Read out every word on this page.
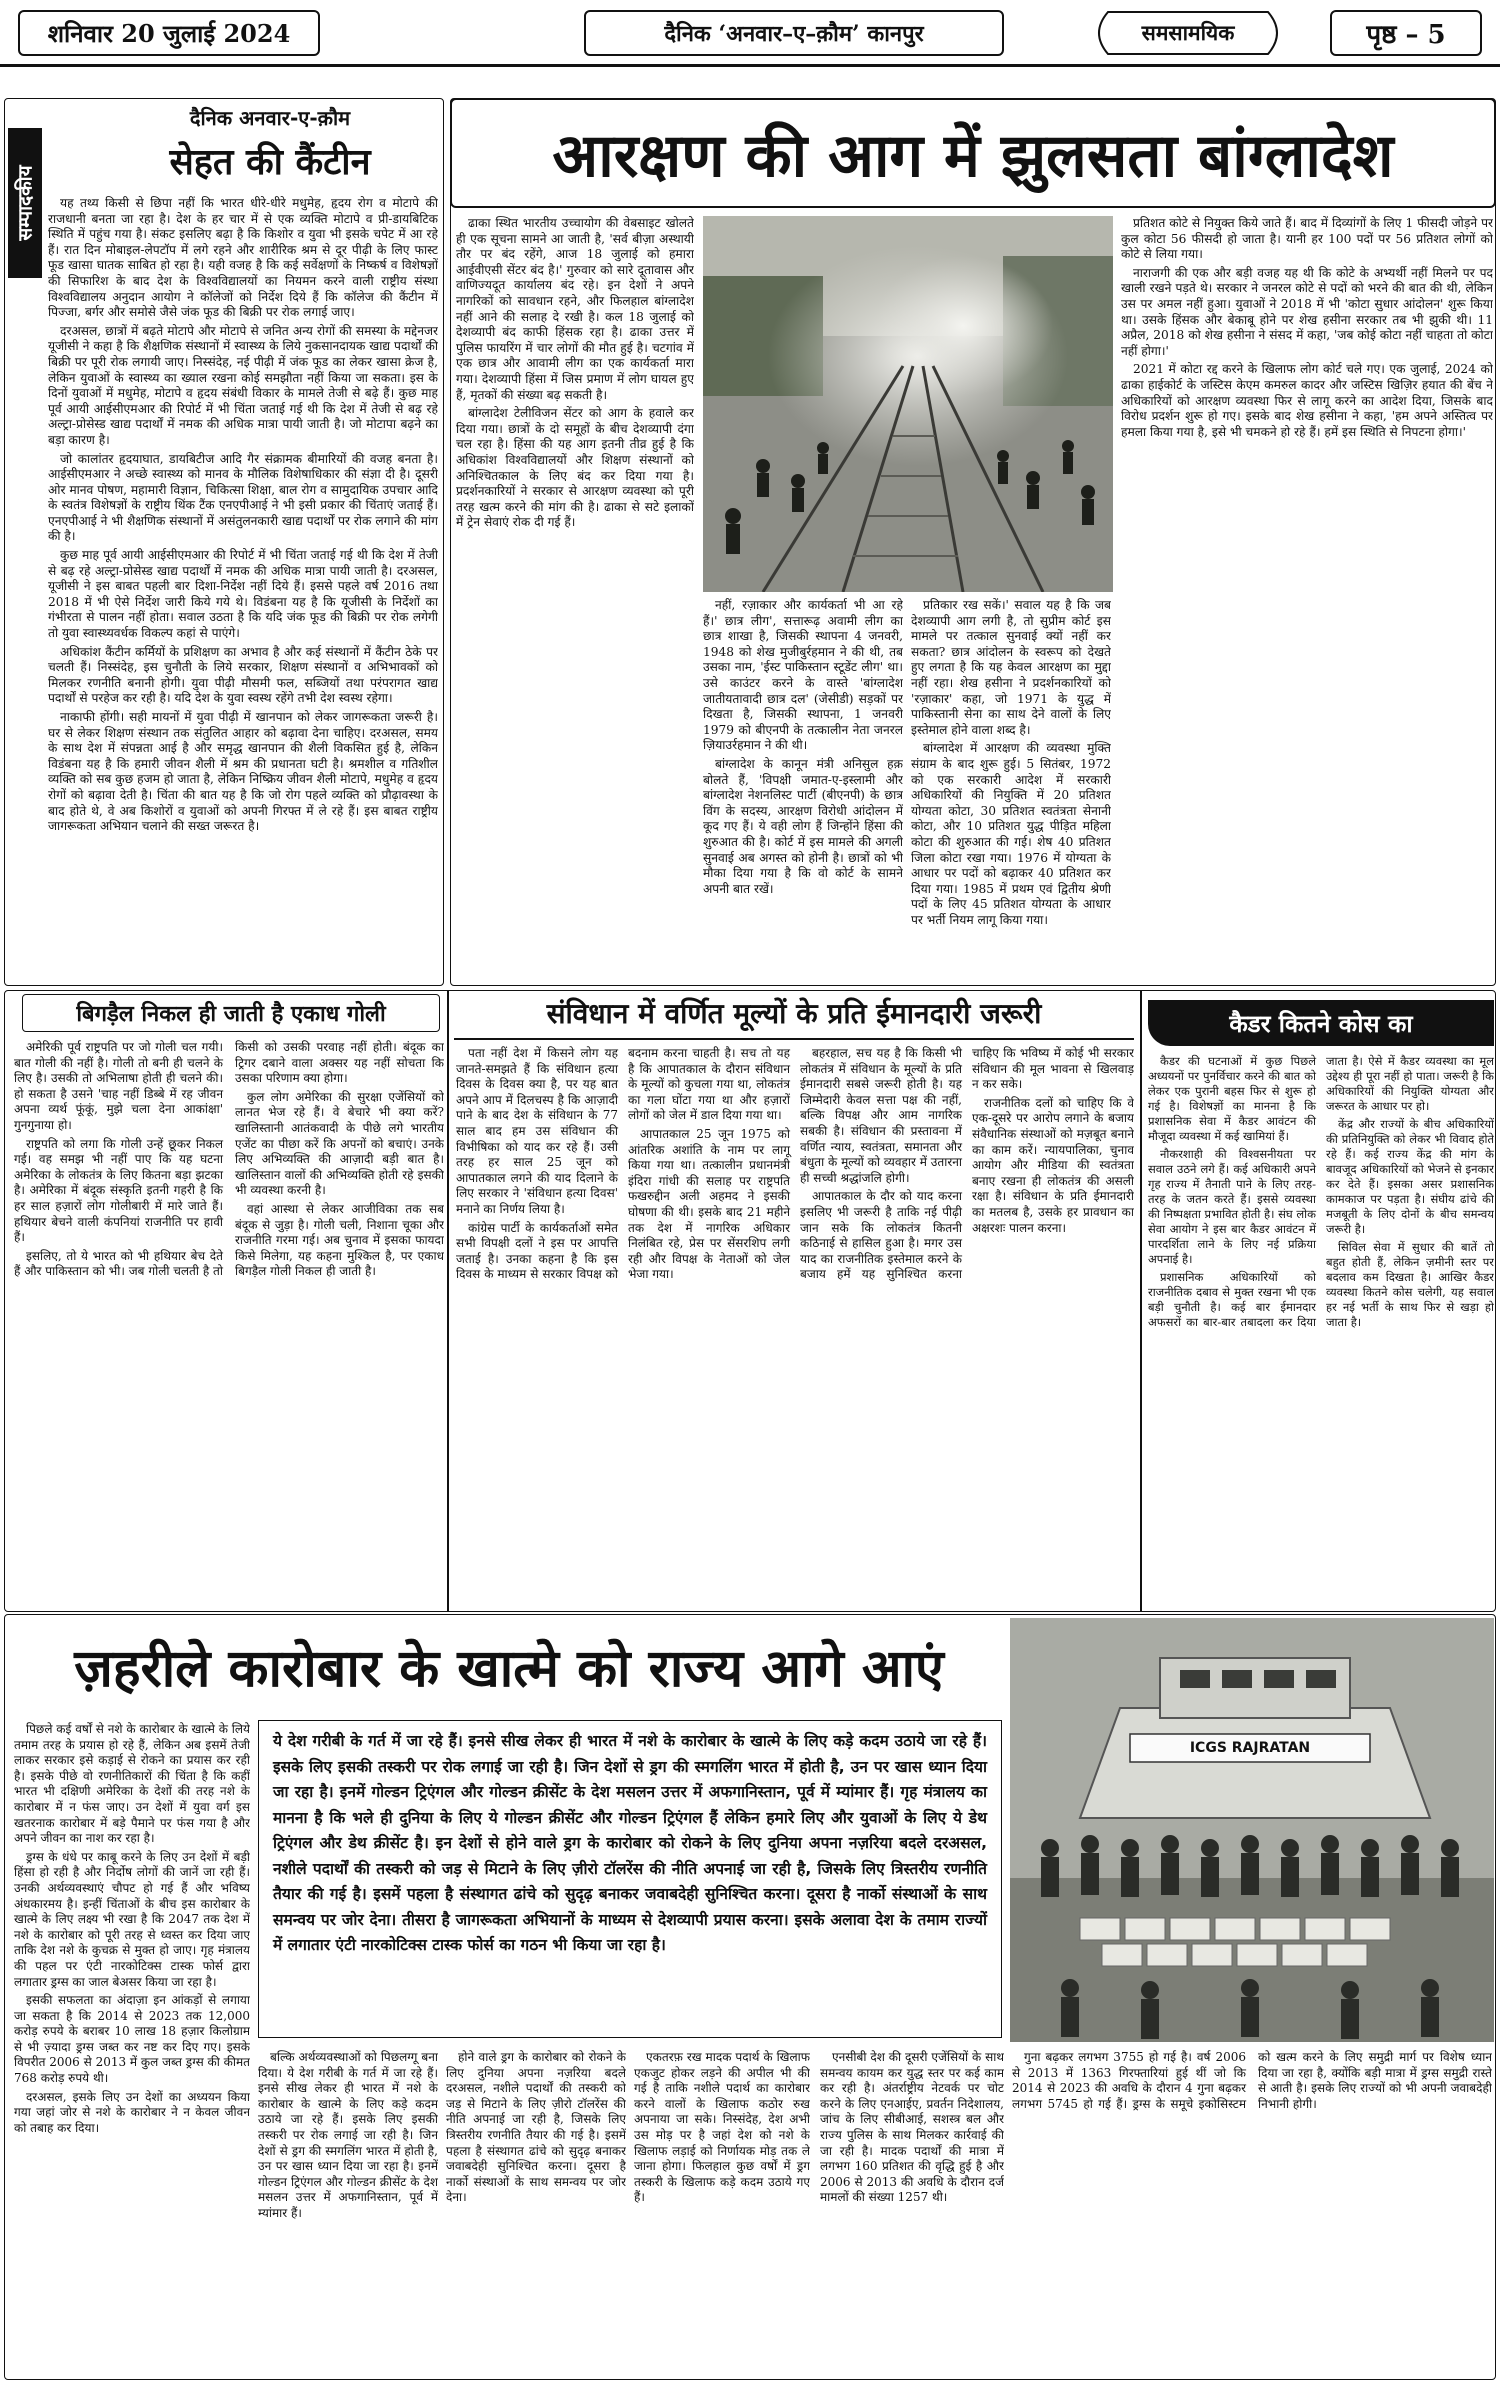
शनिवार 20 जुलाई 2024	दैनिक ‘अनवार–ए–क़ौम’ कानपुर	समसामयिक	पृष्ठ – 5
सम्पादकीय
दैनिक अनवार-ए-क़ौम
सेहत की कैंटीन

यह तथ्य किसी से छिपा नहीं कि भारत धीरे-धीरे मधुमेह, हृदय रोग व मोटापे की राजधानी बनता जा रहा है। देश के हर चार में से एक व्यक्ति मोटापे व प्री-डायबिटिक स्थिति में पहुंच गया है। संकट इसलिए बढ़ा है कि किशोर व युवा भी इसके चपेट में आ रहे हैं। रात दिन मोबाइल-लेपटॉप में लगे रहने और शारीरिक श्रम से दूर पीढ़ी के लिए फास्ट फूड खासा घातक साबित हो रहा है। यही वजह है कि कई सर्वेक्षणों के निष्कर्ष व विशेषज्ञों की सिफारिश के बाद देश के विश्वविद्यालयों का नियमन करने वाली राष्ट्रीय संस्था विश्वविद्यालय अनुदान आयोग ने कॉलेजों को निर्देश दिये हैं कि कॉलेज की कैंटीन में पिज्जा, बर्गर और समोसे जैसे जंक फूड की बिक्री पर रोक लगाई जाए।

दरअसल, छात्रों में बढ़ते मोटापे और मोटापे से जनित अन्य रोगों की समस्या के मद्देनजर यूजीसी ने कहा है कि शैक्षणिक संस्थानों में स्वास्थ्य के लिये नुकसानदायक खाद्य पदार्थों की बिक्री पर पूरी रोक लगायी जाए। निस्संदेह, नई पीढ़ी में जंक फूड का लेकर खासा क्रेज है, लेकिन युवाओं के स्वास्थ्य का ख्याल रखना कोई समझौता नहीं किया जा सकता। इस के दिनों युवाओं में मधुमेह, मोटापे व हृदय संबंधी विकार के मामले तेजी से बढ़े हैं। कुछ माह पूर्व आयी आईसीएमआर की रिपोर्ट में भी चिंता जताई गई थी कि देश में तेजी से बढ़ रहे अल्ट्रा-प्रोसेस्ड खाद्य पदार्थों में नमक की अधिक मात्रा पायी जाती है। जो मोटापा बढ़ने का बड़ा कारण है।

जो कालांतर हृदयाघात, डायबिटीज आदि गैर संक्रामक बीमारियों की वजह बनता है। आईसीएमआर ने अच्छे स्वास्थ्य को मानव के मौलिक विशेषाधिकार की संज्ञा दी है। दूसरी ओर मानव पोषण, महामारी विज्ञान, चिकित्सा शिक्षा, बाल रोग व सामुदायिक उपचार आदि के स्वतंत्र विशेषज्ञों के राष्ट्रीय थिंक टैंक एनएपीआई ने भी इसी प्रकार की चिंताएं जताई हैं। एनएपीआई ने भी शैक्षणिक संस्थानों में असंतुलनकारी खाद्य पदार्थों पर रोक लगाने की मांग की है।

कुछ माह पूर्व आयी आईसीएमआर की रिपोर्ट में भी चिंता जताई गई थी कि देश में तेजी से बढ़ रहे अल्ट्रा-प्रोसेस्ड खाद्य पदार्थों में नमक की अधिक मात्रा पायी जाती है। दरअसल, यूजीसी ने इस बाबत पहली बार दिशा-निर्देश नहीं दिये हैं। इससे पहले वर्ष 2016 तथा 2018 में भी ऐसे निर्देश जारी किये गये थे। विडंबना यह है कि यूजीसी के निर्देशों का गंभीरता से पालन नहीं होता। सवाल उठता है कि यदि जंक फूड की बिक्री पर रोक लगेगी तो युवा स्वास्थ्यवर्धक विकल्प कहां से पाएंगे।

अधिकांश कैंटीन कर्मियों के प्रशिक्षण का अभाव है और कई संस्थानों में कैंटीन ठेके पर चलती हैं। निस्संदेह, इस चुनौती के लिये सरकार, शिक्षण संस्थानों व अभिभावकों को मिलकर रणनीति बनानी होगी। युवा पीढ़ी मौसमी फल, सब्जियों तथा परंपरागत खाद्य पदार्थों से परहेज कर रही है। यदि देश के युवा स्वस्थ रहेंगे तभी देश स्वस्थ रहेगा।

नाकाफी होंगी। सही मायनों में युवा पीढ़ी में खानपान को लेकर जागरूकता जरूरी है। घर से लेकर शिक्षण संस्थान तक संतुलित आहार को बढ़ावा देना चाहिए। दरअसल, समय के साथ देश में संपन्नता आई है और समृद्ध खानपान की शैली विकसित हुई है, लेकिन विडंबना यह है कि हमारी जीवन शैली में श्रम की प्रधानता घटी है। श्रमशील व गतिशील व्यक्ति को सब कुछ हजम हो जाता है, लेकिन निष्क्रिय जीवन शैली मोटापे, मधुमेह व हृदय रोगों को बढ़ावा देती है। चिंता की बात यह है कि जो रोग पहले व्यक्ति को प्रौढ़ावस्था के बाद होते थे, वे अब किशोरों व युवाओं को अपनी गिरफ्त में ले रहे हैं। इस बाबत राष्ट्रीय जागरूकता अभियान चलाने की सख्त जरूरत है।

आरक्षण की आग में झुलसता बांग्लादेश

ढाका स्थित भारतीय उच्चायोग की वेबसाइट खोलते ही एक सूचना सामने आ जाती है, 'सर्व बीज़ा अस्थायी तौर पर बंद रहेंगे, आज 18 जुलाई को हमारा आईवीएसी सेंटर बंद है।' गुरुवार को सारे दूतावास और वाणिज्यदूत कार्यालय बंद रहे। इन देशों ने अपने नागरिकों को सावधान रहने, और फिलहाल बांग्लादेश नहीं आने की सलाह दे रखी है। कल 18 जुलाई को देशव्यापी बंद काफी हिंसक रहा है। ढाका उत्तर में पुलिस फायरिंग में चार लोगों की मौत हुई है। चटगांव में एक छात्र और आवामी लीग का एक कार्यकर्ता मारा गया। देशव्यापी हिंसा में जिस प्रमाण में लोग घायल हुए हैं, मृतकों की संख्या बढ़ सकती है।

बांग्लादेश टेलीविजन सेंटर को आग के हवाले कर दिया गया। छात्रों के दो समूहों के बीच देशव्यापी दंगा चल रहा है। हिंसा की यह आग इतनी तीव्र हुई है कि अधिकांश विश्वविद्यालयों और शिक्षण संस्थानों को अनिश्चितकाल के लिए बंद कर दिया गया है। प्रदर्शनकारियों ने सरकार से आरक्षण व्यवस्था को पूरी तरह खत्म करने की मांग की है। ढाका से सटे इलाकों में ट्रेन सेवाएं रोक दी गई हैं।

नहीं, रज़ाकार और कार्यकर्ता भी आ रहे हैं।' छात्र लीग', सत्तारूढ़ अवामी लीग का छात्र शाखा है, जिसकी स्थापना 4 जनवरी, 1948 को शेख मुजीबुर्रहमान ने की थी, तब उसका नाम, 'ईस्ट पाकिस्तान स्टूडेंट लीग' था। उसे काउंटर करने के वास्ते 'बांग्लादेश जातीयतावादी छात्र दल' (जेसीडी) सड़कों पर दिखता है, जिसकी स्थापना, 1 जनवरी 1979 को बीएनपी के तत्कालीन नेता जनरल ज़ियाउर्रहमान ने की थी।

बांग्लादेश के कानून मंत्री अनिसुल हक़ बोलते हैं, 'विपक्षी जमात-ए-इस्लामी और बांग्लादेश नेशनलिस्ट पार्टी (बीएनपी) के छात्र विंग के सदस्य, आरक्षण विरोधी आंदोलन में कूद गए हैं। ये वही लोग हैं जिन्होंने हिंसा की शुरुआत की है। कोर्ट में इस मामले की अगली सुनवाई अब अगस्त को होनी है। छात्रों को भी मौका दिया गया है कि वो कोर्ट के सामने अपनी बात रखें।

प्रतिकार रख सकें।' सवाल यह है कि जब देशव्यापी आग लगी है, तो सुप्रीम कोर्ट इस मामले पर तत्काल सुनवाई क्यों नहीं कर सकता? छात्र आंदोलन के स्वरूप को देखते हुए लगता है कि यह केवल आरक्षण का मुद्दा नहीं रहा। शेख हसीना ने प्रदर्शनकारियों को 'रज़ाकार' कहा, जो 1971 के युद्ध में पाकिस्तानी सेना का साथ देने वालों के लिए इस्तेमाल होने वाला शब्द है।

बांग्लादेश में आरक्षण की व्यवस्था मुक्ति संग्राम के बाद शुरू हुई। 5 सितंबर, 1972 को एक सरकारी आदेश में सरकारी अधिकारियों की नियुक्ति में 20 प्रतिशत योग्यता कोटा, 30 प्रतिशत स्वतंत्रता सेनानी कोटा, और 10 प्रतिशत युद्ध पीड़ित महिला कोटा की शुरुआत की गई। शेष 40 प्रतिशत जिला कोटा रखा गया। 1976 में योग्यता के आधार पर पदों को बढ़ाकर 40 प्रतिशत कर दिया गया। 1985 में प्रथम एवं द्वितीय श्रेणी पदों के लिए 45 प्रतिशत योग्यता के आधार पर भर्ती नियम लागू किया गया।

प्रतिशत कोटे से नियुक्त किये जाते हैं। बाद में दिव्यांगों के लिए 1 फीसदी जोड़ने पर कुल कोटा 56 फीसदी हो जाता है। यानी हर 100 पदों पर 56 प्रतिशत लोगों को कोटे से लिया गया।

नाराजगी की एक और बड़ी वजह यह थी कि कोटे के अभ्यर्थी नहीं मिलने पर पद खाली रखने पड़ते थे। सरकार ने जनरल कोटे से पदों को भरने की बात की थी, लेकिन उस पर अमल नहीं हुआ। युवाओं ने 2018 में भी 'कोटा सुधार आंदोलन' शुरू किया था। उसके हिंसक और बेकाबू होने पर शेख हसीना सरकार तब भी झुकी थी। 11 अप्रैल, 2018 को शेख हसीना ने संसद में कहा, 'जब कोई कोटा नहीं चाहता तो कोटा नहीं होगा।'

2021 में कोटा रद्द करने के खिलाफ लोग कोर्ट चले गए। एक जुलाई, 2024 को ढाका हाईकोर्ट के जस्टिस केएम कमरुल कादर और जस्टिस खिज़िर हयात की बेंच ने अधिकारियों को आरक्षण व्यवस्था फिर से लागू करने का आदेश दिया, जिसके बाद विरोध प्रदर्शन शुरू हो गए। इसके बाद शेख हसीना ने कहा, 'हम अपने अस्तित्व पर हमला किया गया है, इसे भी चमकने हो रहे हैं। हमें इस स्थिति से निपटना होगा।'

बिगड़ैल निकल ही जाती है एकाध गोली

अमेरिकी पूर्व राष्ट्रपति पर जो गोली चल गयी। बात गोली की नहीं है। गोली तो बनी ही चलने के लिए है। उसकी तो अभिलाषा होती ही चलने की। हो सकता है उसने 'चाह नहीं डिब्बे में रह जीवन अपना व्यर्थ फूंकूं, मुझे चला देना आकांक्षा' गुनगुनाया हो।

राष्ट्रपति को लगा कि गोली उन्हें छूकर निकल गई। वह समझ भी नहीं पाए कि यह घटना अमेरिका के लोकतंत्र के लिए कितना बड़ा झटका है। अमेरिका में बंदूक संस्कृति इतनी गहरी है कि हर साल हज़ारों लोग गोलीबारी में मारे जाते हैं। हथियार बेचने वाली कंपनियां राजनीति पर हावी हैं।

इसलिए, तो ये भारत को भी हथियार बेच देते हैं और पाकिस्तान को भी। जब गोली चलती है तो किसी को उसकी परवाह नहीं होती। बंदूक का ट्रिगर दबाने वाला अक्सर यह नहीं सोचता कि उसका परिणाम क्या होगा।

कुल लोग अमेरिका की सुरक्षा एजेंसियों को लानत भेज रहे हैं। वे बेचारे भी क्या करें? खालिस्तानी आतंकवादी के पीछे लगे भारतीय एजेंट का पीछा करें कि अपनों को बचाएं। उनके लिए अभिव्यक्ति की आज़ादी बड़ी बात है। खालिस्तान वालों की अभिव्यक्ति होती रहे इसकी भी व्यवस्था करनी है।

वहां आस्था से लेकर आजीविका तक सब बंदूक से जुड़ा है। गोली चली, निशाना चूका और राजनीति गरमा गई। अब चुनाव में इसका फायदा किसे मिलेगा, यह कहना मुश्किल है, पर एकाध बिगड़ैल गोली निकल ही जाती है।

संविधान में वर्णित मूल्यों के प्रति ईमानदारी जरूरी

पता नहीं देश में किसने लोग यह जानते-समझते हैं कि संविधान हत्या दिवस के दिवस क्या है, पर यह बात अपने आप में दिलचस्प है कि आज़ादी पाने के बाद देश के संविधान के 77 साल बाद हम उस संविधान की विभीषिका को याद कर रहे हैं। उसी तरह हर साल 25 जून को आपातकाल लगने की याद दिलाने के लिए सरकार ने 'संविधान हत्या दिवस' मनाने का निर्णय लिया है।

कांग्रेस पार्टी के कार्यकर्ताओं समेत सभी विपक्षी दलों ने इस पर आपत्ति जताई है। उनका कहना है कि इस दिवस के माध्यम से सरकार विपक्ष को बदनाम करना चाहती है। सच तो यह है कि आपातकाल के दौरान संविधान के मूल्यों को कुचला गया था, लोकतंत्र का गला घोंटा गया था और हज़ारों लोगों को जेल में डाल दिया गया था।

आपातकाल 25 जून 1975 को आंतरिक अशांति के नाम पर लागू किया गया था। तत्कालीन प्रधानमंत्री इंदिरा गांधी की सलाह पर राष्ट्रपति फखरुद्दीन अली अहमद ने इसकी घोषणा की थी। इसके बाद 21 महीने तक देश में नागरिक अधिकार निलंबित रहे, प्रेस पर सेंसरशिप लगी रही और विपक्ष के नेताओं को जेल भेजा गया।

बहरहाल, सच यह है कि किसी भी लोकतंत्र में संविधान के मूल्यों के प्रति ईमानदारी सबसे जरूरी होती है। यह जिम्मेदारी केवल सत्ता पक्ष की नहीं, बल्कि विपक्ष और आम नागरिक सबकी है। संविधान की प्रस्तावना में वर्णित न्याय, स्वतंत्रता, समानता और बंधुता के मूल्यों को व्यवहार में उतारना ही सच्ची श्रद्धांजलि होगी।

आपातकाल के दौर को याद करना इसलिए भी जरूरी है ताकि नई पीढ़ी जान सके कि लोकतंत्र कितनी कठिनाई से हासिल हुआ है। मगर उस याद का राजनीतिक इस्तेमाल करने के बजाय हमें यह सुनिश्चित करना चाहिए कि भविष्य में कोई भी सरकार संविधान की मूल भावना से खिलवाड़ न कर सके।

राजनीतिक दलों को चाहिए कि वे एक-दूसरे पर आरोप लगाने के बजाय संवैधानिक संस्थाओं को मज़बूत बनाने का काम करें। न्यायपालिका, चुनाव आयोग और मीडिया की स्वतंत्रता बनाए रखना ही लोकतंत्र की असली रक्षा है। संविधान के प्रति ईमानदारी का मतलब है, उसके हर प्रावधान का अक्षरशः पालन करना।

कैडर कितने कोस का

कैडर की घटनाओं में कुछ पिछले अध्ययनों पर पुनर्विचार करने की बात को लेकर एक पुरानी बहस फिर से शुरू हो गई है। विशेषज्ञों का मानना है कि प्रशासनिक सेवा में कैडर आवंटन की मौजूदा व्यवस्था में कई खामियां हैं।

नौकरशाही की विश्वसनीयता पर सवाल उठने लगे हैं। कई अधिकारी अपने गृह राज्य में तैनाती पाने के लिए तरह-तरह के जतन करते हैं। इससे व्यवस्था की निष्पक्षता प्रभावित होती है। संघ लोक सेवा आयोग ने इस बार कैडर आवंटन में पारदर्शिता लाने के लिए नई प्रक्रिया अपनाई है।

प्रशासनिक अधिकारियों को राजनीतिक दबाव से मुक्त रखना भी एक बड़ी चुनौती है। कई बार ईमानदार अफसरों का बार-बार तबादला कर दिया जाता है। ऐसे में कैडर व्यवस्था का मूल उद्देश्य ही पूरा नहीं हो पाता। जरूरी है कि अधिकारियों की नियुक्ति योग्यता और जरूरत के आधार पर हो।

केंद्र और राज्यों के बीच अधिकारियों की प्रतिनियुक्ति को लेकर भी विवाद होते रहे हैं। कई राज्य केंद्र की मांग के बावजूद अधिकारियों को भेजने से इनकार कर देते हैं। इसका असर प्रशासनिक कामकाज पर पड़ता है। संघीय ढांचे की मजबूती के लिए दोनों के बीच समन्वय जरूरी है।

सिविल सेवा में सुधार की बातें तो बहुत होती हैं, लेकिन ज़मीनी स्तर पर बदलाव कम दिखता है। आखिर कैडर व्यवस्था कितने कोस चलेगी, यह सवाल हर नई भर्ती के साथ फिर से खड़ा हो जाता है।

ज़हरीले कारोबार के खात्मे को राज्य आगे आएं
ICGS RAJRATAN

पिछले कई वर्षों से नशे के कारोबार के खात्मे के लिये तमाम तरह के प्रयास हो रहे हैं, लेकिन अब इसमें तेजी लाकर सरकार इसे कड़ाई से रोकने का प्रयास कर रही है। इसके पीछे वो रणनीतिकारों की चिंता है कि कहीं भारत भी दक्षिणी अमेरिका के देशों की तरह नशे के कारोबार में न फंस जाए। उन देशों में युवा वर्ग इस खतरनाक कारोबार में बड़े पैमाने पर फंस गया है और अपने जीवन का नाश कर रहा है।

ड्रग्स के धंधे पर काबू करने के लिए उन देशों में बड़ी हिंसा हो रही है और निर्दोष लोगों की जानें जा रही हैं। उनकी अर्थव्यवस्थाएं चौपट हो गई हैं और भविष्य अंधकारमय है। इन्हीं चिंताओं के बीच इस कारोबार के खात्मे के लिए लक्ष्य भी रखा है कि 2047 तक देश में नशे के कारोबार को पूरी तरह से ध्वस्त कर दिया जाए ताकि देश नशे के कुचक्र से मुक्त हो जाए। गृह मंत्रालय की पहल पर एंटी नारकोटिक्स टास्क फोर्स द्वारा लगातार ड्रग्स का जाल बेअसर किया जा रहा है।

इसकी सफलता का अंदाज़ा इन आंकड़ों से लगाया जा सकता है कि 2014 से 2023 तक 12,000 करोड़ रुपये के बराबर 10 लाख 18 हज़ार किलोग्राम से भी ज़्यादा ड्रग्स जब्त कर नष्ट कर दिए गए। इसके विपरीत 2006 से 2013 में कुल जब्त ड्रग्स की कीमत 768 करोड़ रुपये थी।

दरअसल, इसके लिए उन देशों का अध्ययन किया गया जहां जोर से नशे के कारोबार ने न केवल जीवन को तबाह कर दिया।

ये देश गरीबी के गर्त में जा रहे हैं। इनसे सीख लेकर ही भारत में नशे के कारोबार के खात्मे के लिए कड़े कदम उठाये जा रहे हैं। इसके लिए इसकी तस्करी पर रोक लगाई जा रही है। जिन देशों से ड्रग की स्मगलिंग भारत में होती है, उन पर खास ध्यान दिया जा रहा है। इनमें गोल्डन ट्रिएंगल और गोल्डन क्रीसेंट के देश मसलन उत्तर में अफगानिस्तान, पूर्व में म्यांमार हैं। गृह मंत्रालय का मानना है कि भले ही दुनिया के लिए ये गोल्डन क्रीसेंट और गोल्डन ट्रिएंगल हैं लेकिन हमारे लिए और युवाओं के लिए ये डेथ ट्रिएंगल और डेथ क्रीसेंट है। इन देशों से होने वाले ड्रग के कारोबार को रोकने के लिए दुनिया अपना नज़रिया बदले दरअसल, नशीले पदार्थों की तस्करी को जड़ से मिटाने के लिए ज़ीरो टॉलरेंस की नीति अपनाई जा रही है, जिसके लिए त्रिस्तरीय रणनीति तैयार की गई है। इसमें पहला है संस्थागत ढांचे को सुदृढ़ बनाकर जवाबदेही सुनिश्चित करना। दूसरा है नार्को संस्थाओं के साथ समन्वय पर जोर देना। तीसरा है जागरूकता अभियानों के माध्यम से देशव्यापी प्रयास करना। इसके अलावा देश के तमाम राज्यों में लगातार एंटी नारकोटिक्स टास्क फोर्स का गठन भी किया जा रहा है।

बल्कि अर्थव्यवस्थाओं को पिछलग्गू बना दिया। ये देश गरीबी के गर्त में जा रहे हैं। इनसे सीख लेकर ही भारत में नशे के कारोबार के खात्मे के लिए कड़े कदम उठाये जा रहे हैं। इसके लिए इसकी तस्करी पर रोक लगाई जा रही है। जिन देशों से ड्रग की स्मगलिंग भारत में होती है, उन पर खास ध्यान दिया जा रहा है। इनमें गोल्डन ट्रिएंगल और गोल्डन क्रीसेंट के देश मसलन उत्तर में अफगानिस्तान, पूर्व में म्यांमार हैं।

होने वाले ड्रग के कारोबार को रोकने के लिए दुनिया अपना नज़रिया बदले दरअसल, नशीले पदार्थों की तस्करी को जड़ से मिटाने के लिए ज़ीरो टॉलरेंस की नीति अपनाई जा रही है, जिसके लिए त्रिस्तरीय रणनीति तैयार की गई है। इसमें पहला है संस्थागत ढांचे को सुदृढ़ बनाकर जवाबदेही सुनिश्चित करना। दूसरा है नार्को संस्थाओं के साथ समन्वय पर जोर देना।

एकतरफ़ रख मादक पदार्थ के खिलाफ एकजुट होकर लड़ने की अपील भी की गई है ताकि नशीले पदार्थ का कारोबार करने वालों के खिलाफ कठोर रुख अपनाया जा सके। निस्संदेह, देश अभी उस मोड़ पर है जहां देश को नशे के खिलाफ लड़ाई को निर्णायक मोड़ तक ले जाना होगा। फिलहाल कुछ वर्षों में ड्रग तस्करी के खिलाफ कड़े कदम उठाये गए हैं।

एनसीबी देश की दूसरी एजेंसियों के साथ समन्वय कायम कर युद्ध स्तर पर कई काम कर रही है। अंतर्राष्ट्रीय नेटवर्क पर चोट करने के लिए एनआईए, प्रवर्तन निदेशालय, जांच के लिए सीबीआई, सशस्त्र बल और राज्य पुलिस के साथ मिलकर कार्रवाई की जा रही है। मादक पदार्थों की मात्रा में लगभग 160 प्रतिशत की वृद्धि हुई है और 2006 से 2013 की अवधि के दौरान दर्ज मामलों की संख्या 1257 थी।

गुना बढ़कर लगभग 3755 हो गई है। वर्ष 2006 से 2013 में 1363 गिरफ्तारियां हुई थीं जो कि 2014 से 2023 की अवधि के दौरान 4 गुना बढ़कर लगभग 5745 हो गई हैं। ड्रग्स के समूचे इकोसिस्टम को खत्म करने के लिए समुद्री मार्ग पर विशेष ध्यान दिया जा रहा है, क्योंकि बड़ी मात्रा में ड्रग्स समुद्री रास्ते से आती है। इसके लिए राज्यों को भी अपनी जवाबदेही निभानी होगी।
